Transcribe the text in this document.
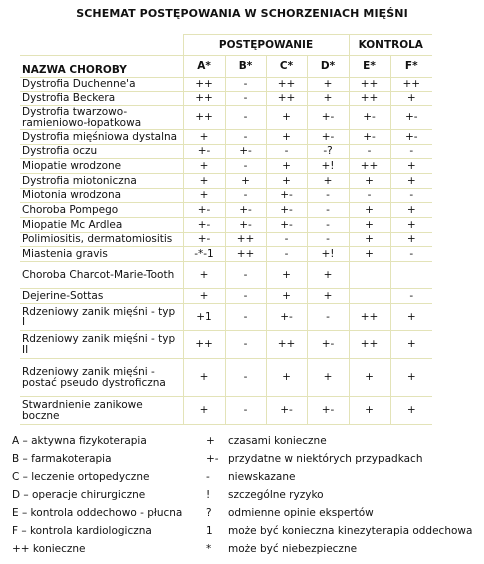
SCHEMAT POSTĘPOWANIA W SCHORZENIACH MIĘŚNI
	POSTĘPOWANIE				KONTROLA	
NAZWA CHOROBY	A*	B*	C*	D*	E*	F*
Dystrofia Duchenne'a	++	-	++	+	++	++
Dystrofia Beckera	++	-	++	+	++	+
Dystrofia twarzowo-ramieniowo-łopatkowa	++	-	+	+-	+-	+-
Dystrofia mięśniowa dystalna	+	-	+	+-	+-	+-
Dystrofia oczu	+-	+-	-	-?	-	-
Miopatie wrodzone	+	-	+	+!	++	+
Dystrofia miotoniczna	+	+	+	+	+	+
Miotonia wrodzona	+	-	+-	-	-	-
Choroba Pompego	+-	+-	+-	-	+	+
Miopatie Mc Ardlea	+-	+-	+-	-	+	+
Polimiositis, dermatomiositis	+-	++	-	-	+	+
Miastenia gravis	-*-1	++	-	+!	+	-
Choroba Charcot-Marie-Tooth	+	-	+	+		
Dejerine-Sottas	+	-	+	+		-
Rdzeniowy zanik mięśni - typ I	+1	-	+-	-	++	+
Rdzeniowy zanik mięśni - typ II	++	-	++	+-	++	+
Rdzeniowy zanik mięśni - postać pseudo dystroficzna	+	-	+	+	+	+
Stwardnienie zanikowe boczne	+	-	+-	+-	+	+
A – aktywna fizykoterapia
B – farmakoterapia
C – leczenie ortopedyczne
D – operacje chirurgiczne
E – kontrola oddechowo - płucna
F – kontrola kardiologiczna
++ konieczne
+ czasami konieczne
+- przydatne w niektórych przypadkach
- niewskazane
! szczególne ryzyko
? odmienne opinie ekspertów
1 może być konieczna kinezyterapia oddechowa
* może być niebezpieczne
